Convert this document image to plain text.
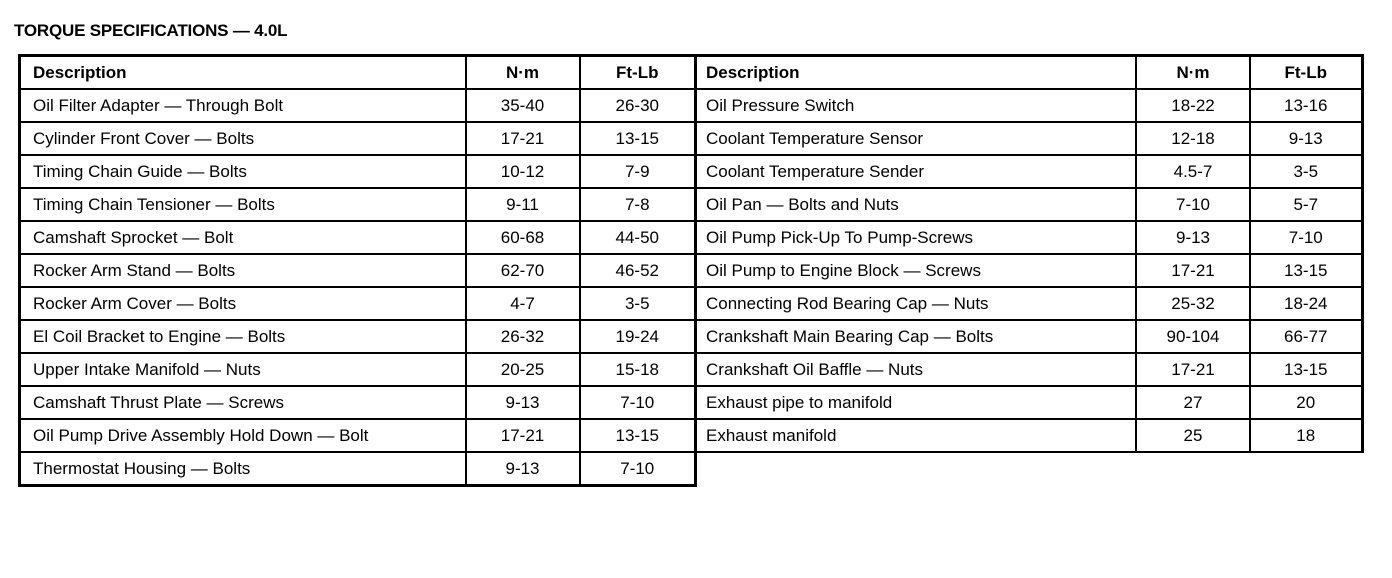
TORQUE SPECIFICATIONS — 4.0L
Description	N·m	Ft-Lb
Oil Filter Adapter — Through Bolt	35-40	26-30
Cylinder Front Cover — Bolts	17-21	13-15
Timing Chain Guide — Bolts	10-12	7-9
Timing Chain Tensioner — Bolts	9-11	7-8
Camshaft Sprocket — Bolt	60-68	44-50
Rocker Arm Stand — Bolts	62-70	46-52
Rocker Arm Cover — Bolts	4-7	3-5
El Coil Bracket to Engine — Bolts	26-32	19-24
Upper Intake Manifold — Nuts	20-25	15-18
Camshaft Thrust Plate — Screws	9-13	7-10
Oil Pump Drive Assembly Hold Down — Bolt	17-21	13-15
Thermostat Housing — Bolts	9-13	7-10
Description	N·m	Ft-Lb
Oil Pressure Switch	18-22	13-16
Coolant Temperature Sensor	12-18	9-13
Coolant Temperature Sender	4.5-7	3-5
Oil Pan — Bolts and Nuts	7-10	5-7
Oil Pump Pick-Up To Pump-Screws	9-13	7-10
Oil Pump to Engine Block — Screws	17-21	13-15
Connecting Rod Bearing Cap — Nuts	25-32	18-24
Crankshaft Main Bearing Cap — Bolts	90-104	66-77
Crankshaft Oil Baffle — Nuts	17-21	13-15
Exhaust pipe to manifold	27	20
Exhaust manifold	25	18
